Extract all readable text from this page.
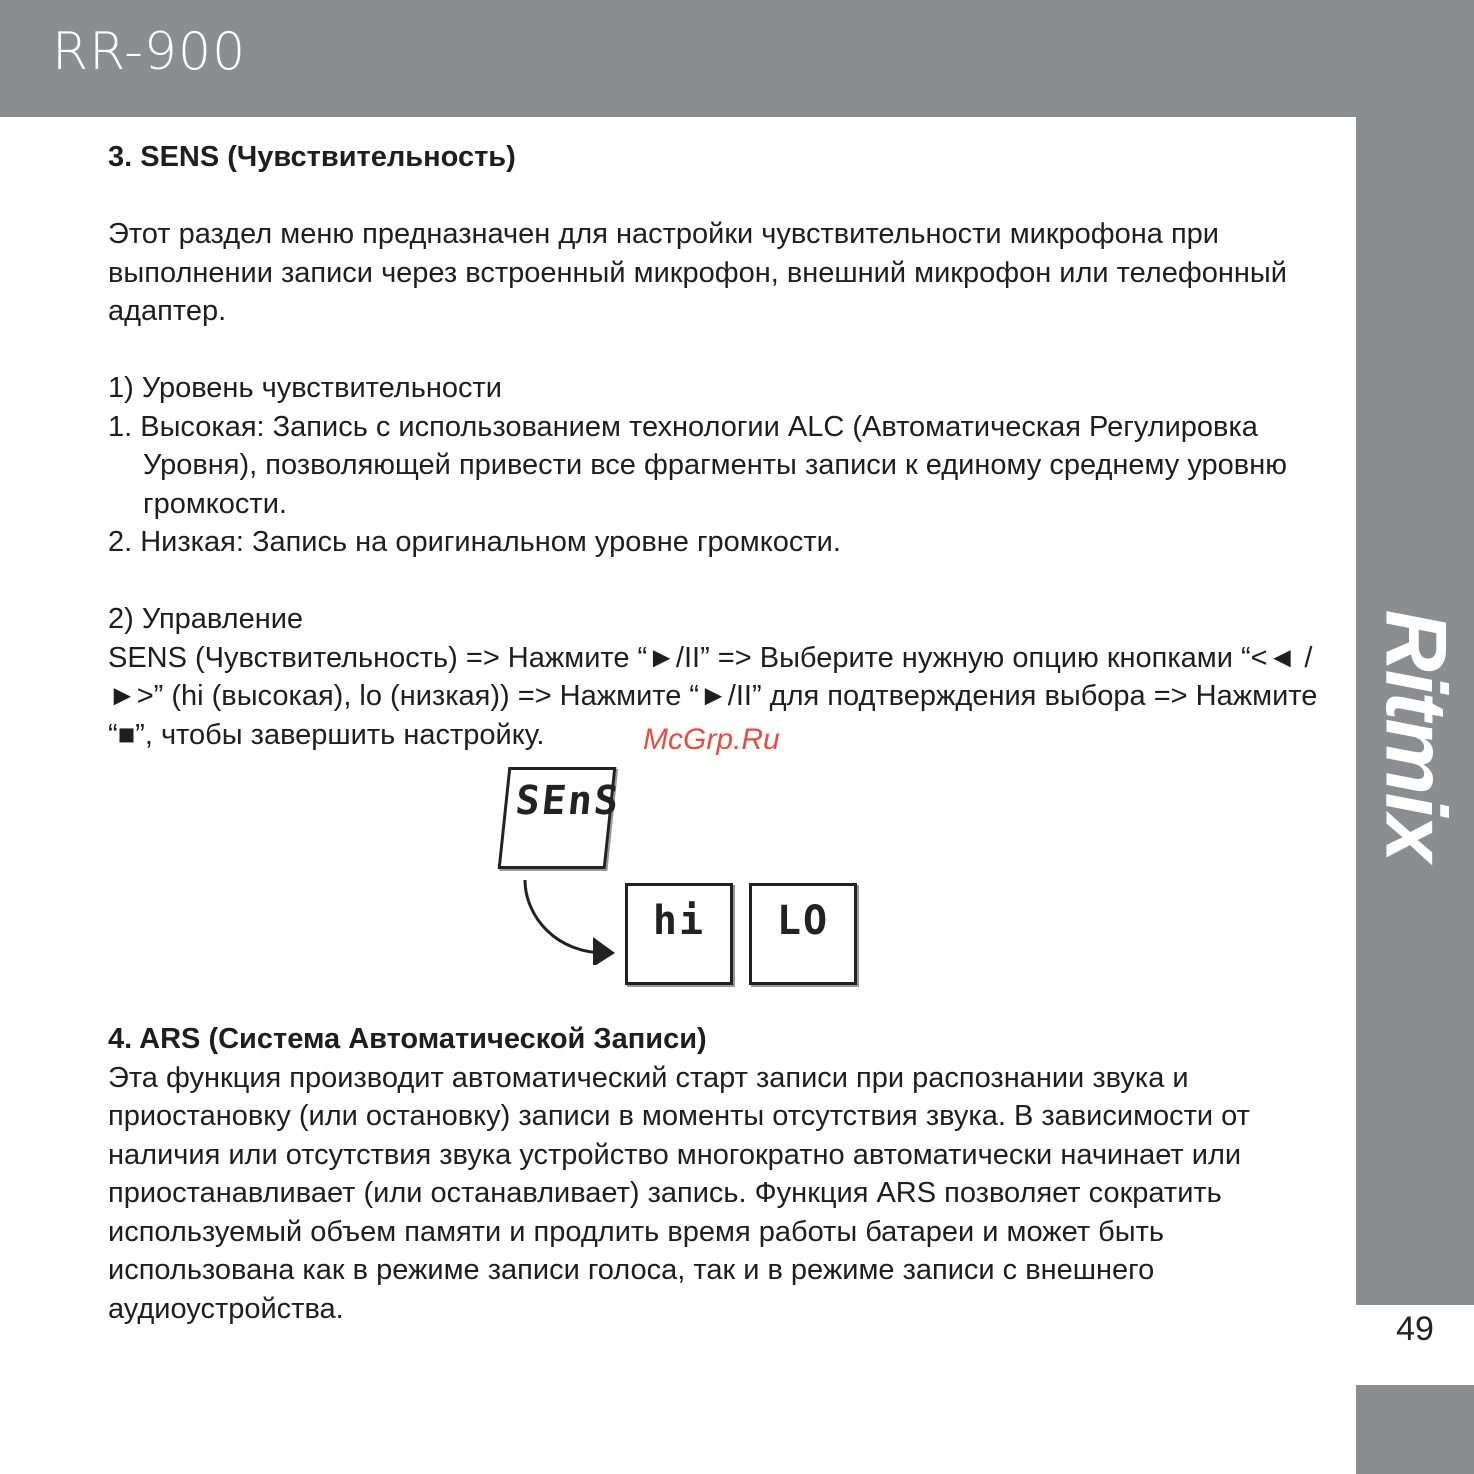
RR-900
Ritmix
49

3. SENS (Чувствительность)

Этот раздел меню предназначен для настройки чувствительности микрофона при выполнении записи через встроенный микрофон, внешний микрофон или телефонный адаптер.

1) Уровень чувствительности

1. Высокая: Запись с использованием технологии ALC (Автоматическая Регулировка Уровня), позволяющей привести все фрагменты записи к единому среднему уровню громкости.

2. Низкая: Запись на оригинальном уровне громкости.

2) Управление

SENS (Чувствительность) => Нажмите “►/II” => Выберите нужную опцию кнопками “<◄ / ►>” (hi (высокая), lo (низкая)) => Нажмите “►/II” для подтверждения выбора => Нажмите “■”, чтобы завершить настройку.	McGrp.Ru
SEnS
hi	LO

4. ARS (Система Автоматической Записи)

Эта функция производит автоматический старт записи при распознании звука и приостановку (или остановку) записи в моменты отсутствия звука. В зависимости от наличия или отсутствия звука устройство многократно автоматически начинает или приостанавливает (или останавливает) запись. Функция ARS позволяет сократить используемый объем памяти и продлить время работы батареи и может быть использована как в режиме записи голоса, так и в режиме записи с внешнего аудиоустройства.
